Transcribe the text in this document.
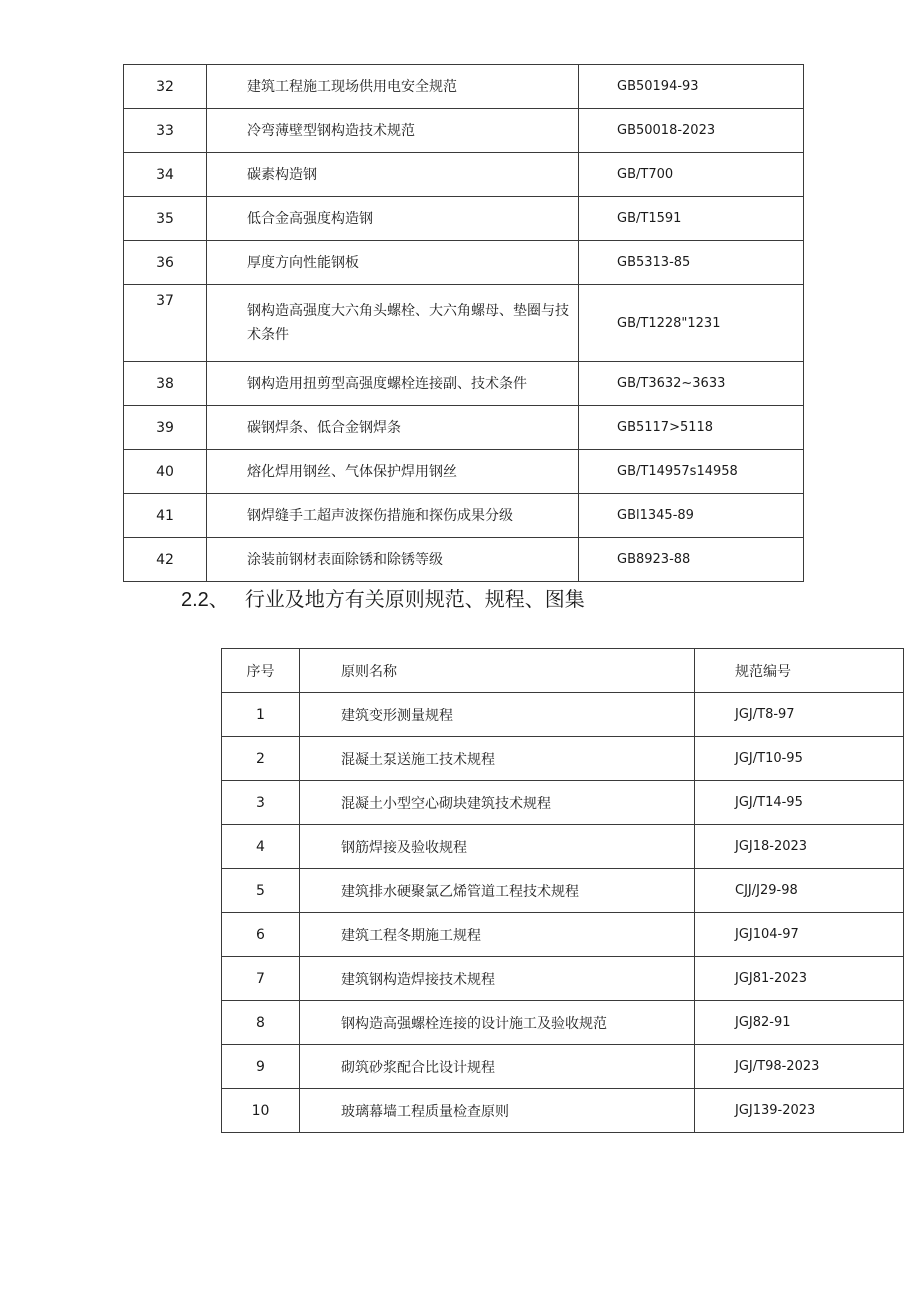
32	建筑工程施工现场供用电安全规范	GB50194-93
33	冷弯薄壁型钢构造技术规范	GB50018-2023
34	碳素构造钢	GB/T700
35	低合金高强度构造钢	GB/T1591
36	厚度方向性能钢板	GB5313-85
37	钢构造高强度大六角头螺栓、大六角螺母、垫圈与技术条件	GB/T1228"1231
38	钢构造用扭剪型高强度螺栓连接副、技术条件	GB/T3632~3633
39	碳钢焊条、低合金钢焊条	GB5117>5118
40	熔化焊用钢丝、气体保护焊用钢丝	GB/T14957s14958
41	钢焊缝手工超声波探伤措施和探伤成果分级	GBl1345-89
42	涂装前钢材表面除锈和除锈等级	GB8923-88
2.2、 行业及地方有关原则规范、规程、图集
序号	原则名称	规范编号
1	建筑变形测量规程	JGJ/T8-97
2	混凝土泵送施工技术规程	JGJ/T10-95
3	混凝土小型空心砌块建筑技术规程	JGJ/T14-95
4	钢筋焊接及验收规程	JGJ18-2023
5	建筑排水硬聚氯乙烯管道工程技术规程	CJJ/J29-98
6	建筑工程冬期施工规程	JGJ104-97
7	建筑钢构造焊接技术规程	JGJ81-2023
8	钢构造高强螺栓连接的设计施工及验收规范	JGJ82-91
9	砌筑砂浆配合比设计规程	JGJ/T98-2023
10	玻璃幕墙工程质量检查原则	JGJ139-2023
